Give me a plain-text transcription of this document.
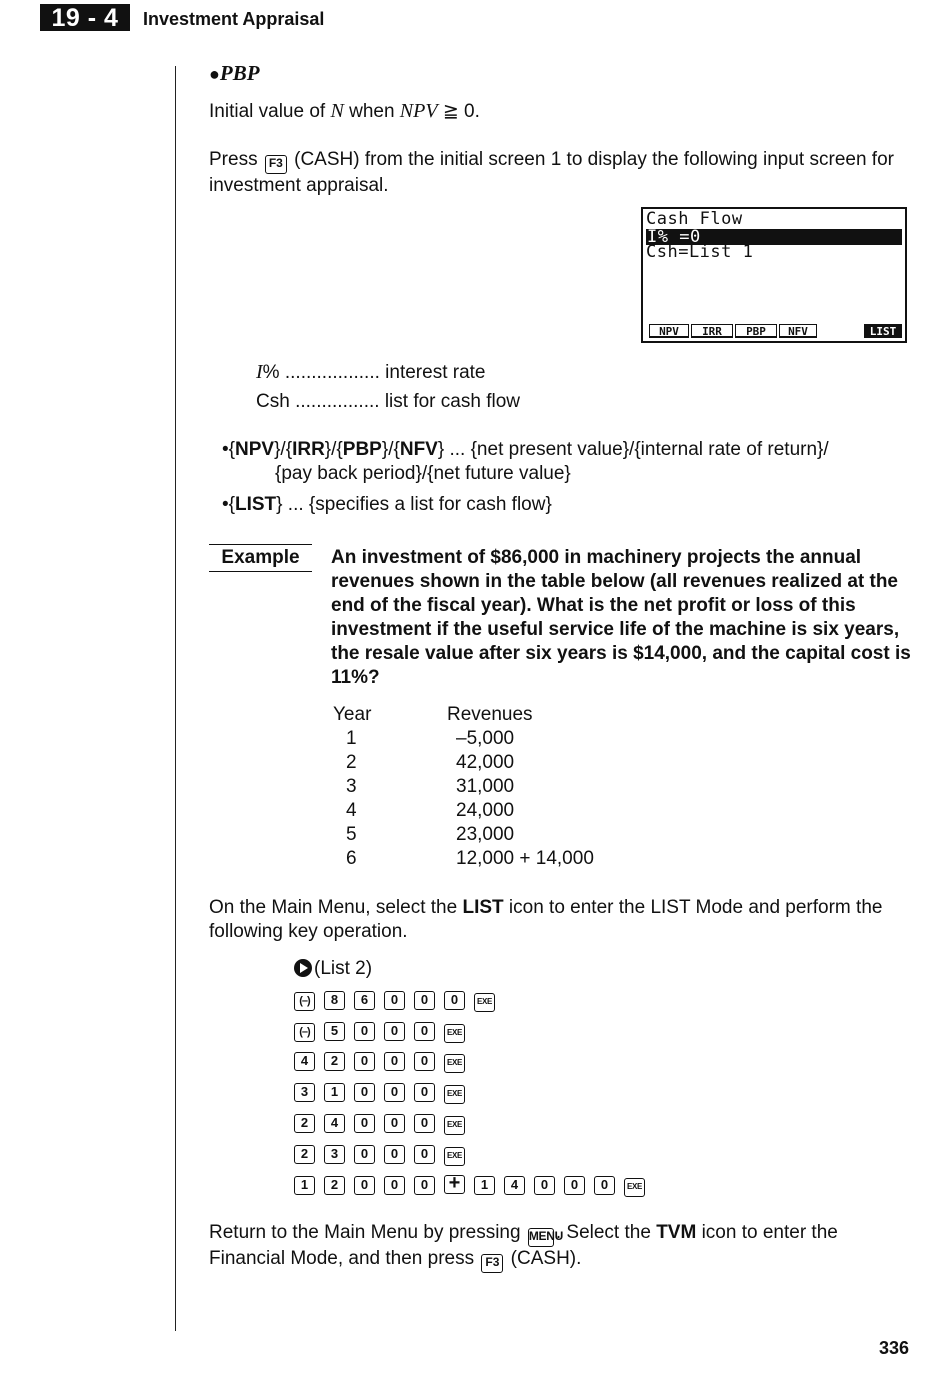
19 - 4	Investment Appraisal
●PBP
Initial value of N when NPV ≧ 0.
Press F3 (CASH) from the initial screen 1 to display the following input screen for
investment appraisal.
Cash Flow
I% =0
Csh=List 1
NPV	IRR	PBP	NFV	LIST
I% .................. interest rate
Csh ................ list for cash flow
•{NPV}/{IRR}/{PBP}/{NFV} ... {net present value}/{internal rate of return}/
{pay back period}/{net future value}
•{LIST} ... {specifies a list for cash flow}
Example	An investment of $86,000 in machinery projects the annual revenues shown in the table below (all revenues realized at the end of the fiscal year). What is the net profit or loss of this investment if the useful service life of the machine is six years, the resale value after six years is $14,000, and the capital cost is 11%?
Year	Revenues
1	–5,000
2	42,000
3	31,000
4	24,000
5	23,000
6	12,000 + 14,000
On the Main Menu, select the LIST icon to enter the LIST Mode and perform the
following key operation.
(List 2)
(–) 8 6 0 0 0 EXE
(–) 5 0 0 0 EXE
4 2 0 0 0 EXE
3 1 0 0 0 EXE
2 4 0 0 0 EXE
2 3 0 0 0 EXE
1 2 0 0 0 + 1 4 0 0 0 EXE
Return to the Main Menu by pressing MENU. Select the TVM icon to enter the
Financial Mode, and then press F3 (CASH).
336
